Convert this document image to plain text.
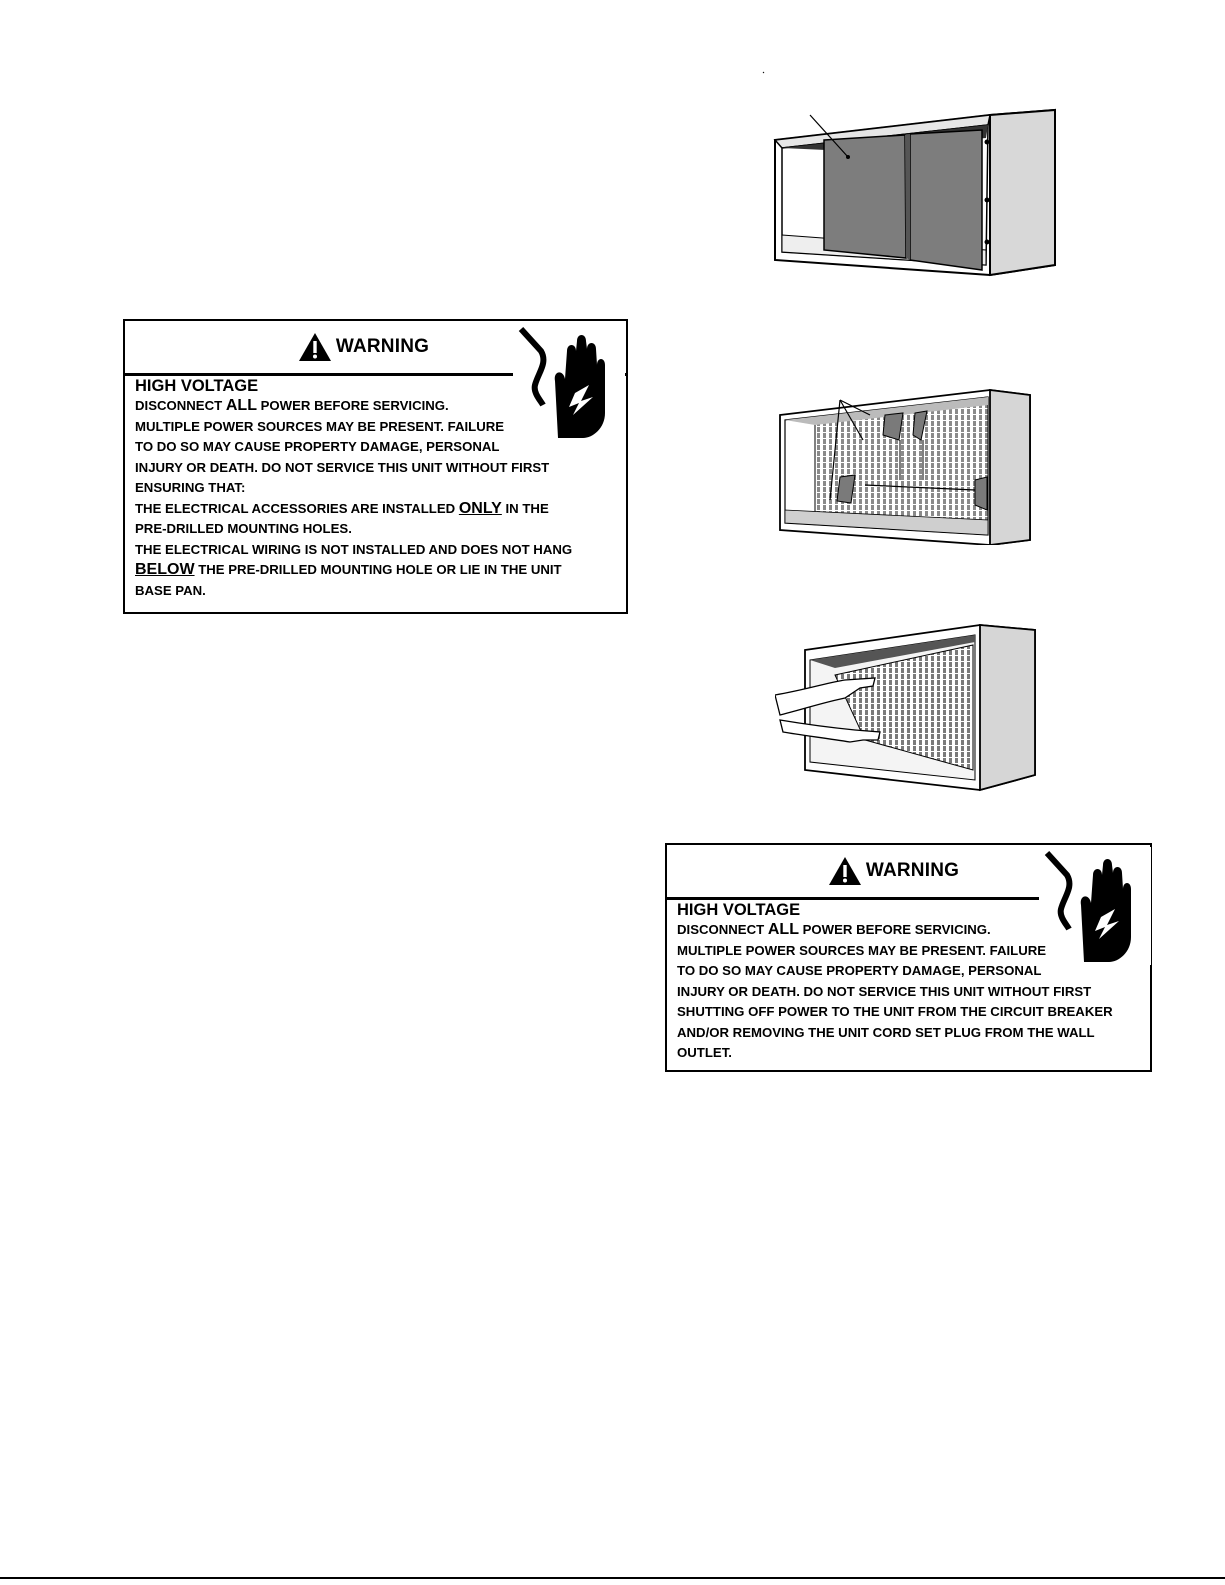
WARNING
HIGH VOLTAGE
DISCONNECT ALL POWER BEFORE SERVICING.
MULTIPLE POWER SOURCES MAY BE PRESENT. FAILURE
TO DO SO MAY CAUSE PROPERTY DAMAGE, PERSONAL
INJURY OR DEATH. DO NOT SERVICE THIS UNIT WITHOUT FIRST
ENSURING THAT:
THE ELECTRICAL ACCESSORIES ARE INSTALLED ONLY IN THE
PRE-DRILLED MOUNTING HOLES.
THE ELECTRICAL WIRING IS NOT INSTALLED AND DOES NOT HANG
BELOW THE PRE-DRILLED MOUNTING HOLE OR LIE IN THE UNIT
BASE PAN.
WARNING
HIGH VOLTAGE
DISCONNECT ALL POWER BEFORE SERVICING.
MULTIPLE POWER SOURCES MAY BE PRESENT. FAILURE
TO DO SO MAY CAUSE PROPERTY DAMAGE, PERSONAL
INJURY OR DEATH. DO NOT SERVICE THIS UNIT WITHOUT FIRST
SHUTTING OFF POWER TO THE UNIT FROM THE CIRCUIT BREAKER
AND/OR REMOVING THE UNIT CORD SET PLUG FROM THE WALL
OUTLET.
